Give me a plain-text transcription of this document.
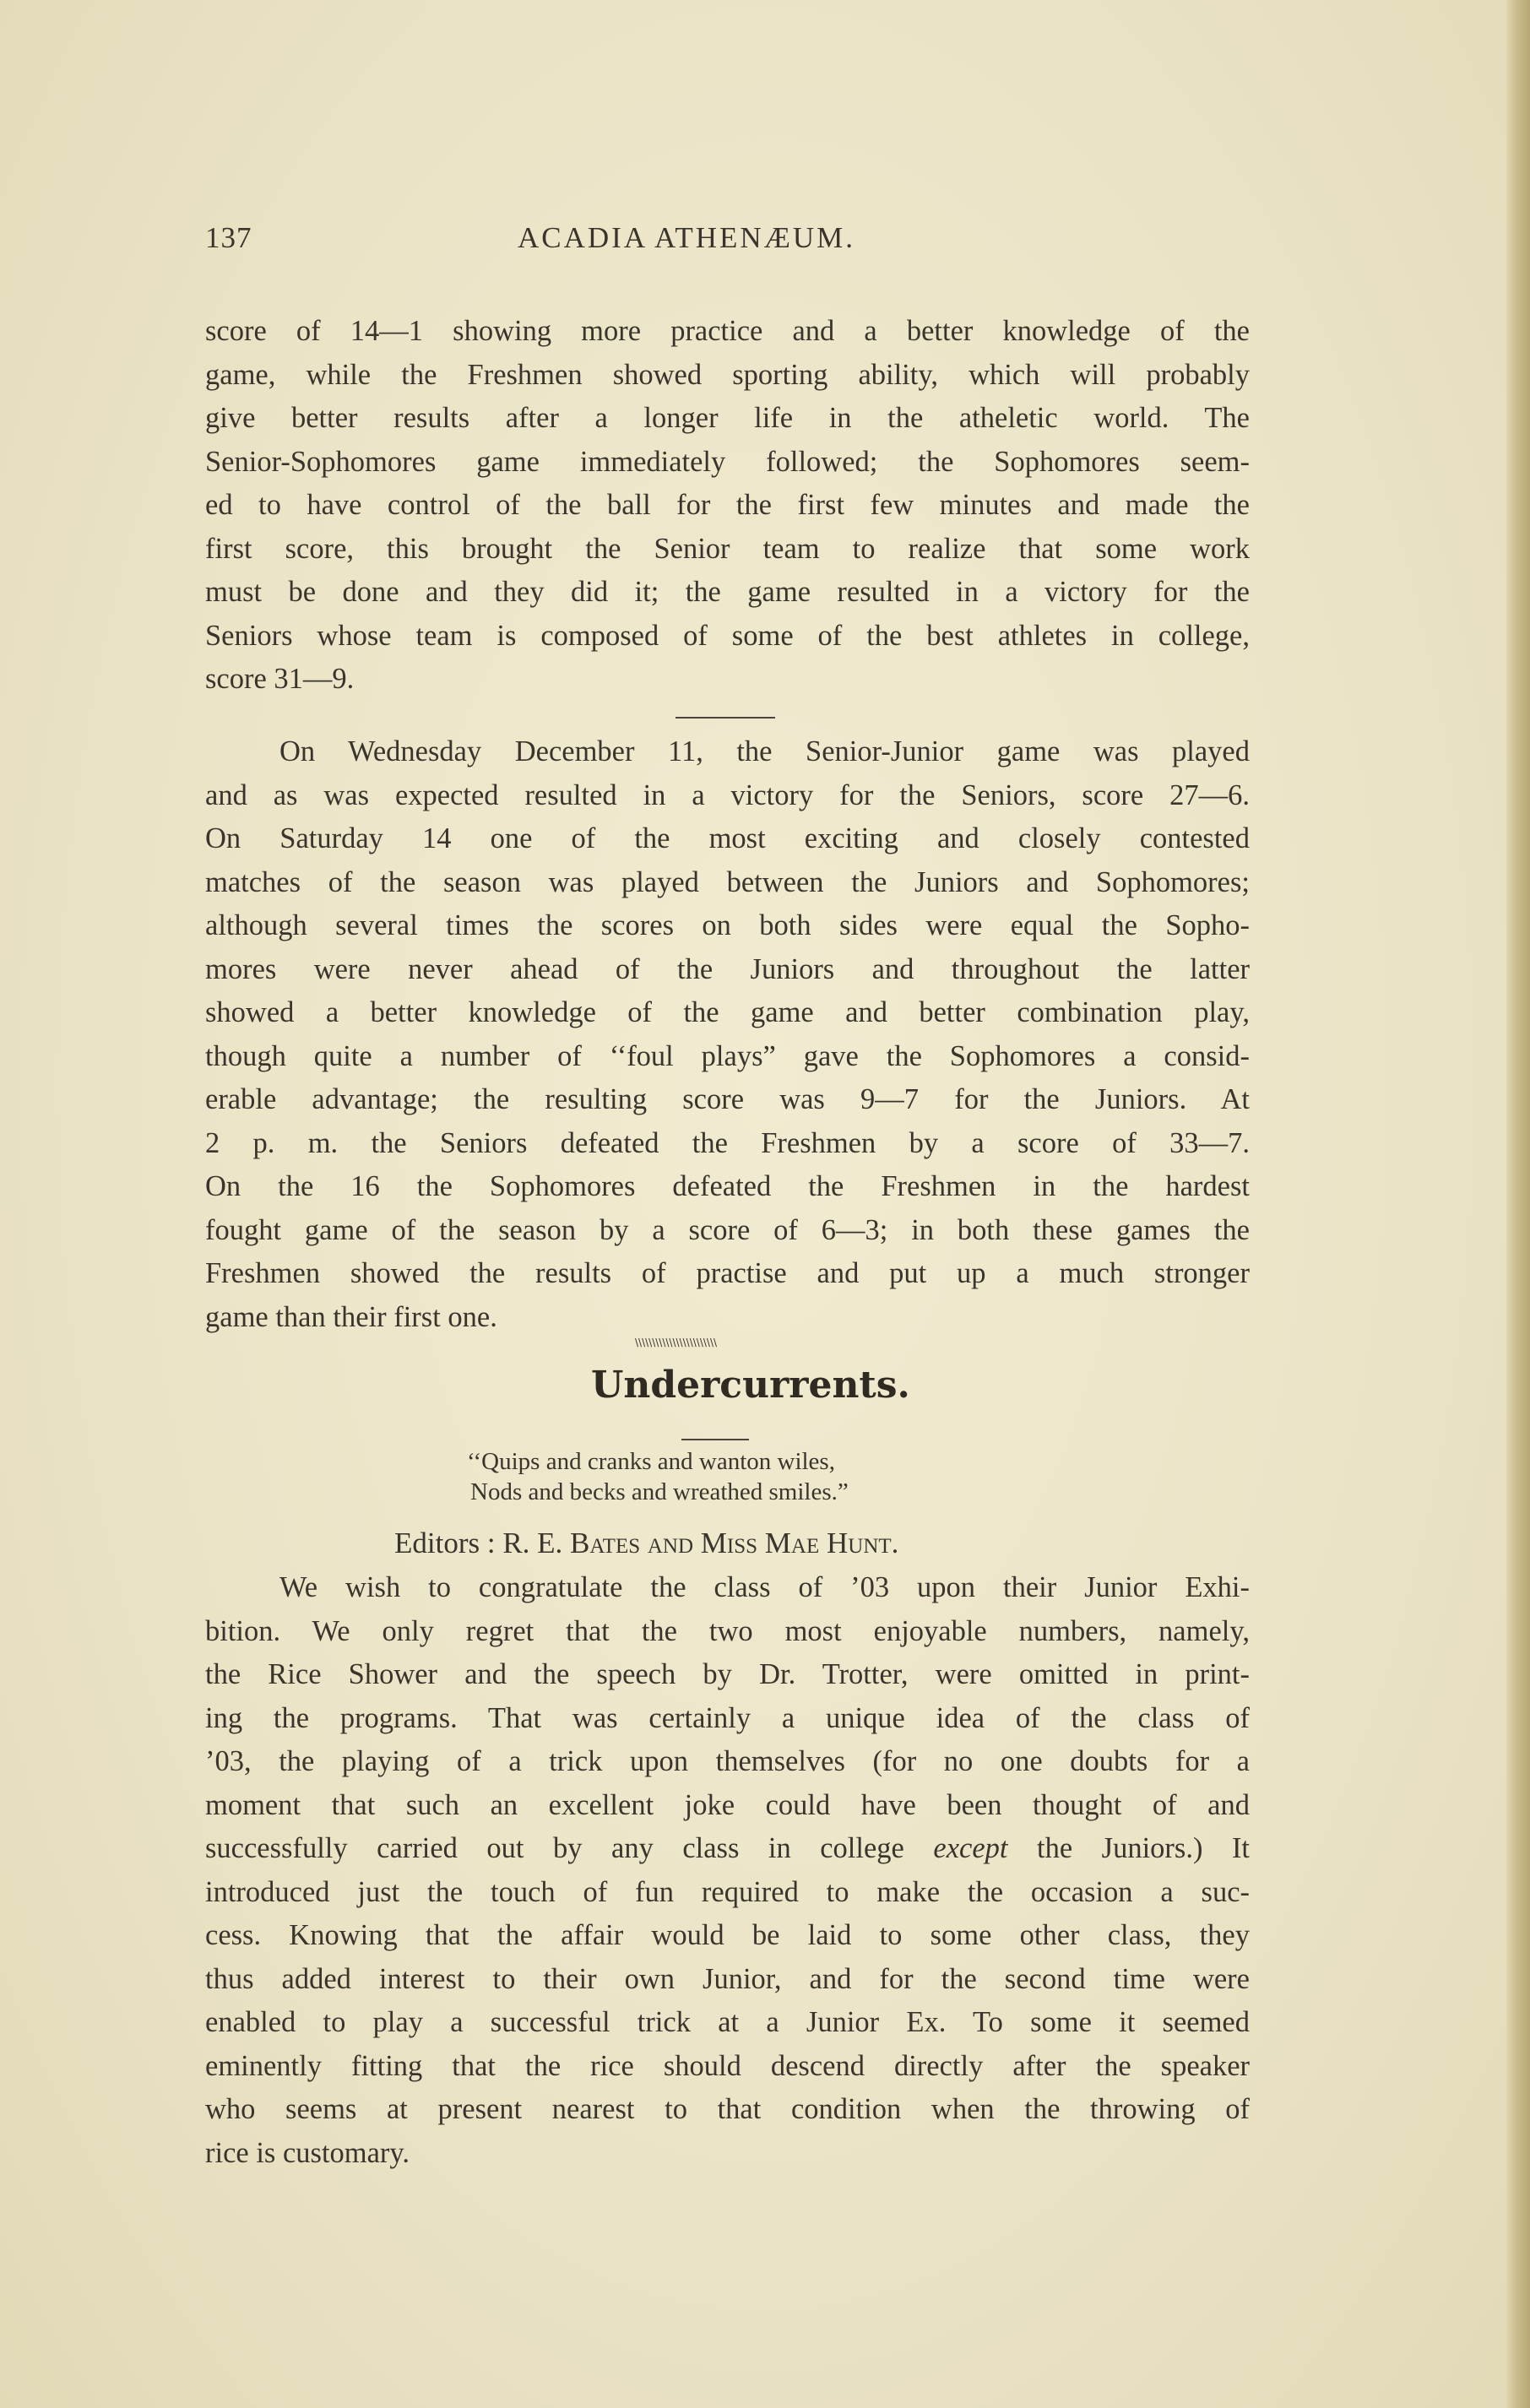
137	ACADIA ATHENÆUM.

score of 14—1 showing more practice and a better knowledge of the
game, while the Freshmen showed sporting ability, which will probably
give better results after a longer life in the atheletic world. The
Senior-Sophomores game immediately followed; the Sophomores seem-
ed to have control of the ball for the first few minutes and made the
first score, this brought the Senior team to realize that some work
must be done and they did it; the game resulted in a victory for the
Seniors whose team is composed of some of the best athletes in college,
score 31—9.

On Wednesday December 11, the Senior-Junior game was played
and as was expected resulted in a victory for the Seniors, score 27—6.
On Saturday 14 one of the most exciting and closely contested
matches of the season was played between the Juniors and Sophomores;
although several times the scores on both sides were equal the Sopho-
mores were never ahead of the Juniors and throughout the latter
showed a better knowledge of the game and better combination play,
though quite a number of ‘‘foul plays” gave the Sophomores a consid-
erable advantage; the resulting score was 9—7 for the Juniors. At
2 p. m. the Seniors defeated the Freshmen by a score of 33—7.
On the 16 the Sophomores defeated the Freshmen in the hardest
fought game of the season by a score of 6—3; in both these games the
Freshmen showed the results of practise and put up a much stronger
game than their first one.

\\\\\\\\\\\\\\\\\\\\\\\\
Undercurrents.
‘‘Quips and cranks and wanton wiles,
Nods and becks and wreathed smiles.”
Editors : R. E. Bates and Miss Mae Hunt.

We wish to congratulate the class of ’03 upon their Junior Exhi-
bition. We only regret that the two most enjoyable numbers, namely,
the Rice Shower and the speech by Dr. Trotter, were omitted in print-
ing the programs. That was certainly a unique idea of the class of
’03, the playing of a trick upon themselves (for no one doubts for a
moment that such an excellent joke could have been thought of and
successfully carried out by any class in college except the Juniors.) It
introduced just the touch of fun required to make the occasion a suc-
cess. Knowing that the affair would be laid to some other class, they
thus added interest to their own Junior, and for the second time were
enabled to play a successful trick at a Junior Ex. To some it seemed
eminently fitting that the rice should descend directly after the speaker
who seems at present nearest to that condition when the throwing of
rice is customary.
